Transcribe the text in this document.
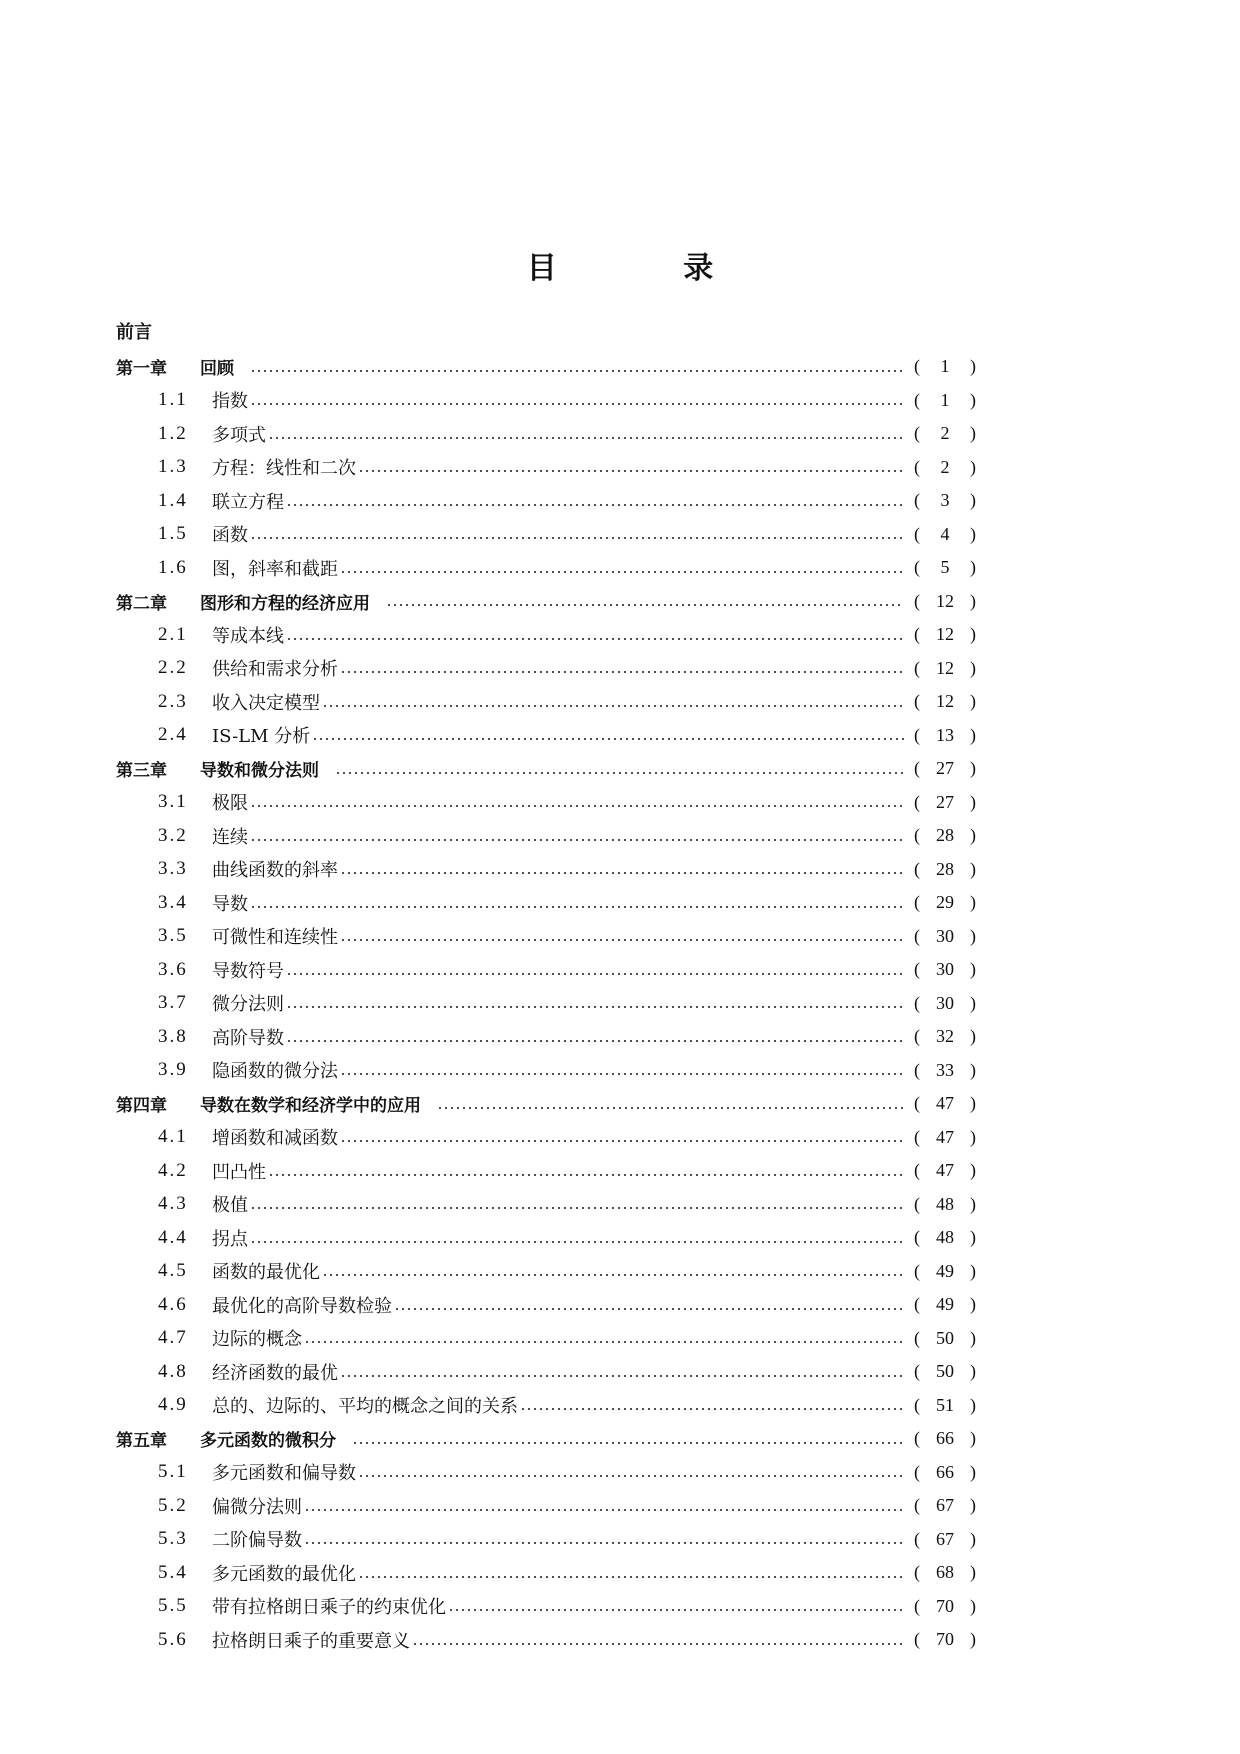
目 录
前言
第一章	回顾	(	1	)
1.1	指数	(	1	)
1.2	多项式	(	2	)
1.3	方程：线性和二次	(	2	)
1.4	联立方程	(	3	)
1.5	函数	(	4	)
1.6	图，斜率和截距	(	5	)
第二章	图形和方程的经济应用	( 12 )
2.1	等成本线	( 12 )
2.2	供给和需求分析	( 12 )
2.3	收入决定模型	( 12 )
2.4	IS-LM 分析	( 13 )
第三章	导数和微分法则	( 27 )
3.1	极限	( 27 )
3.2	连续	( 28 )
3.3	曲线函数的斜率	( 28 )
3.4	导数	( 29 )
3.5	可微性和连续性	( 30 )
3.6	导数符号	( 30 )
3.7	微分法则	( 30 )
3.8	高阶导数	( 32 )
3.9	隐函数的微分法	( 33 )
第四章	导数在数学和经济学中的应用	( 47 )
4.1	增函数和减函数	( 47 )
4.2	凹凸性	( 47 )
4.3	极值	( 48 )
4.4	拐点	( 48 )
4.5	函数的最优化	( 49 )
4.6	最优化的高阶导数检验	( 49 )
4.7	边际的概念	( 50 )
4.8	经济函数的最优	( 50 )
4.9	总的、边际的、平均的概念之间的关系	( 51 )
第五章	多元函数的微积分	( 66 )
5.1	多元函数和偏导数	( 66 )
5.2	偏微分法则	( 67 )
5.3	二阶偏导数	( 67 )
5.4	多元函数的最优化	( 68 )
5.5	带有拉格朗日乘子的约束优化	( 70 )
5.6	拉格朗日乘子的重要意义	( 70 )
